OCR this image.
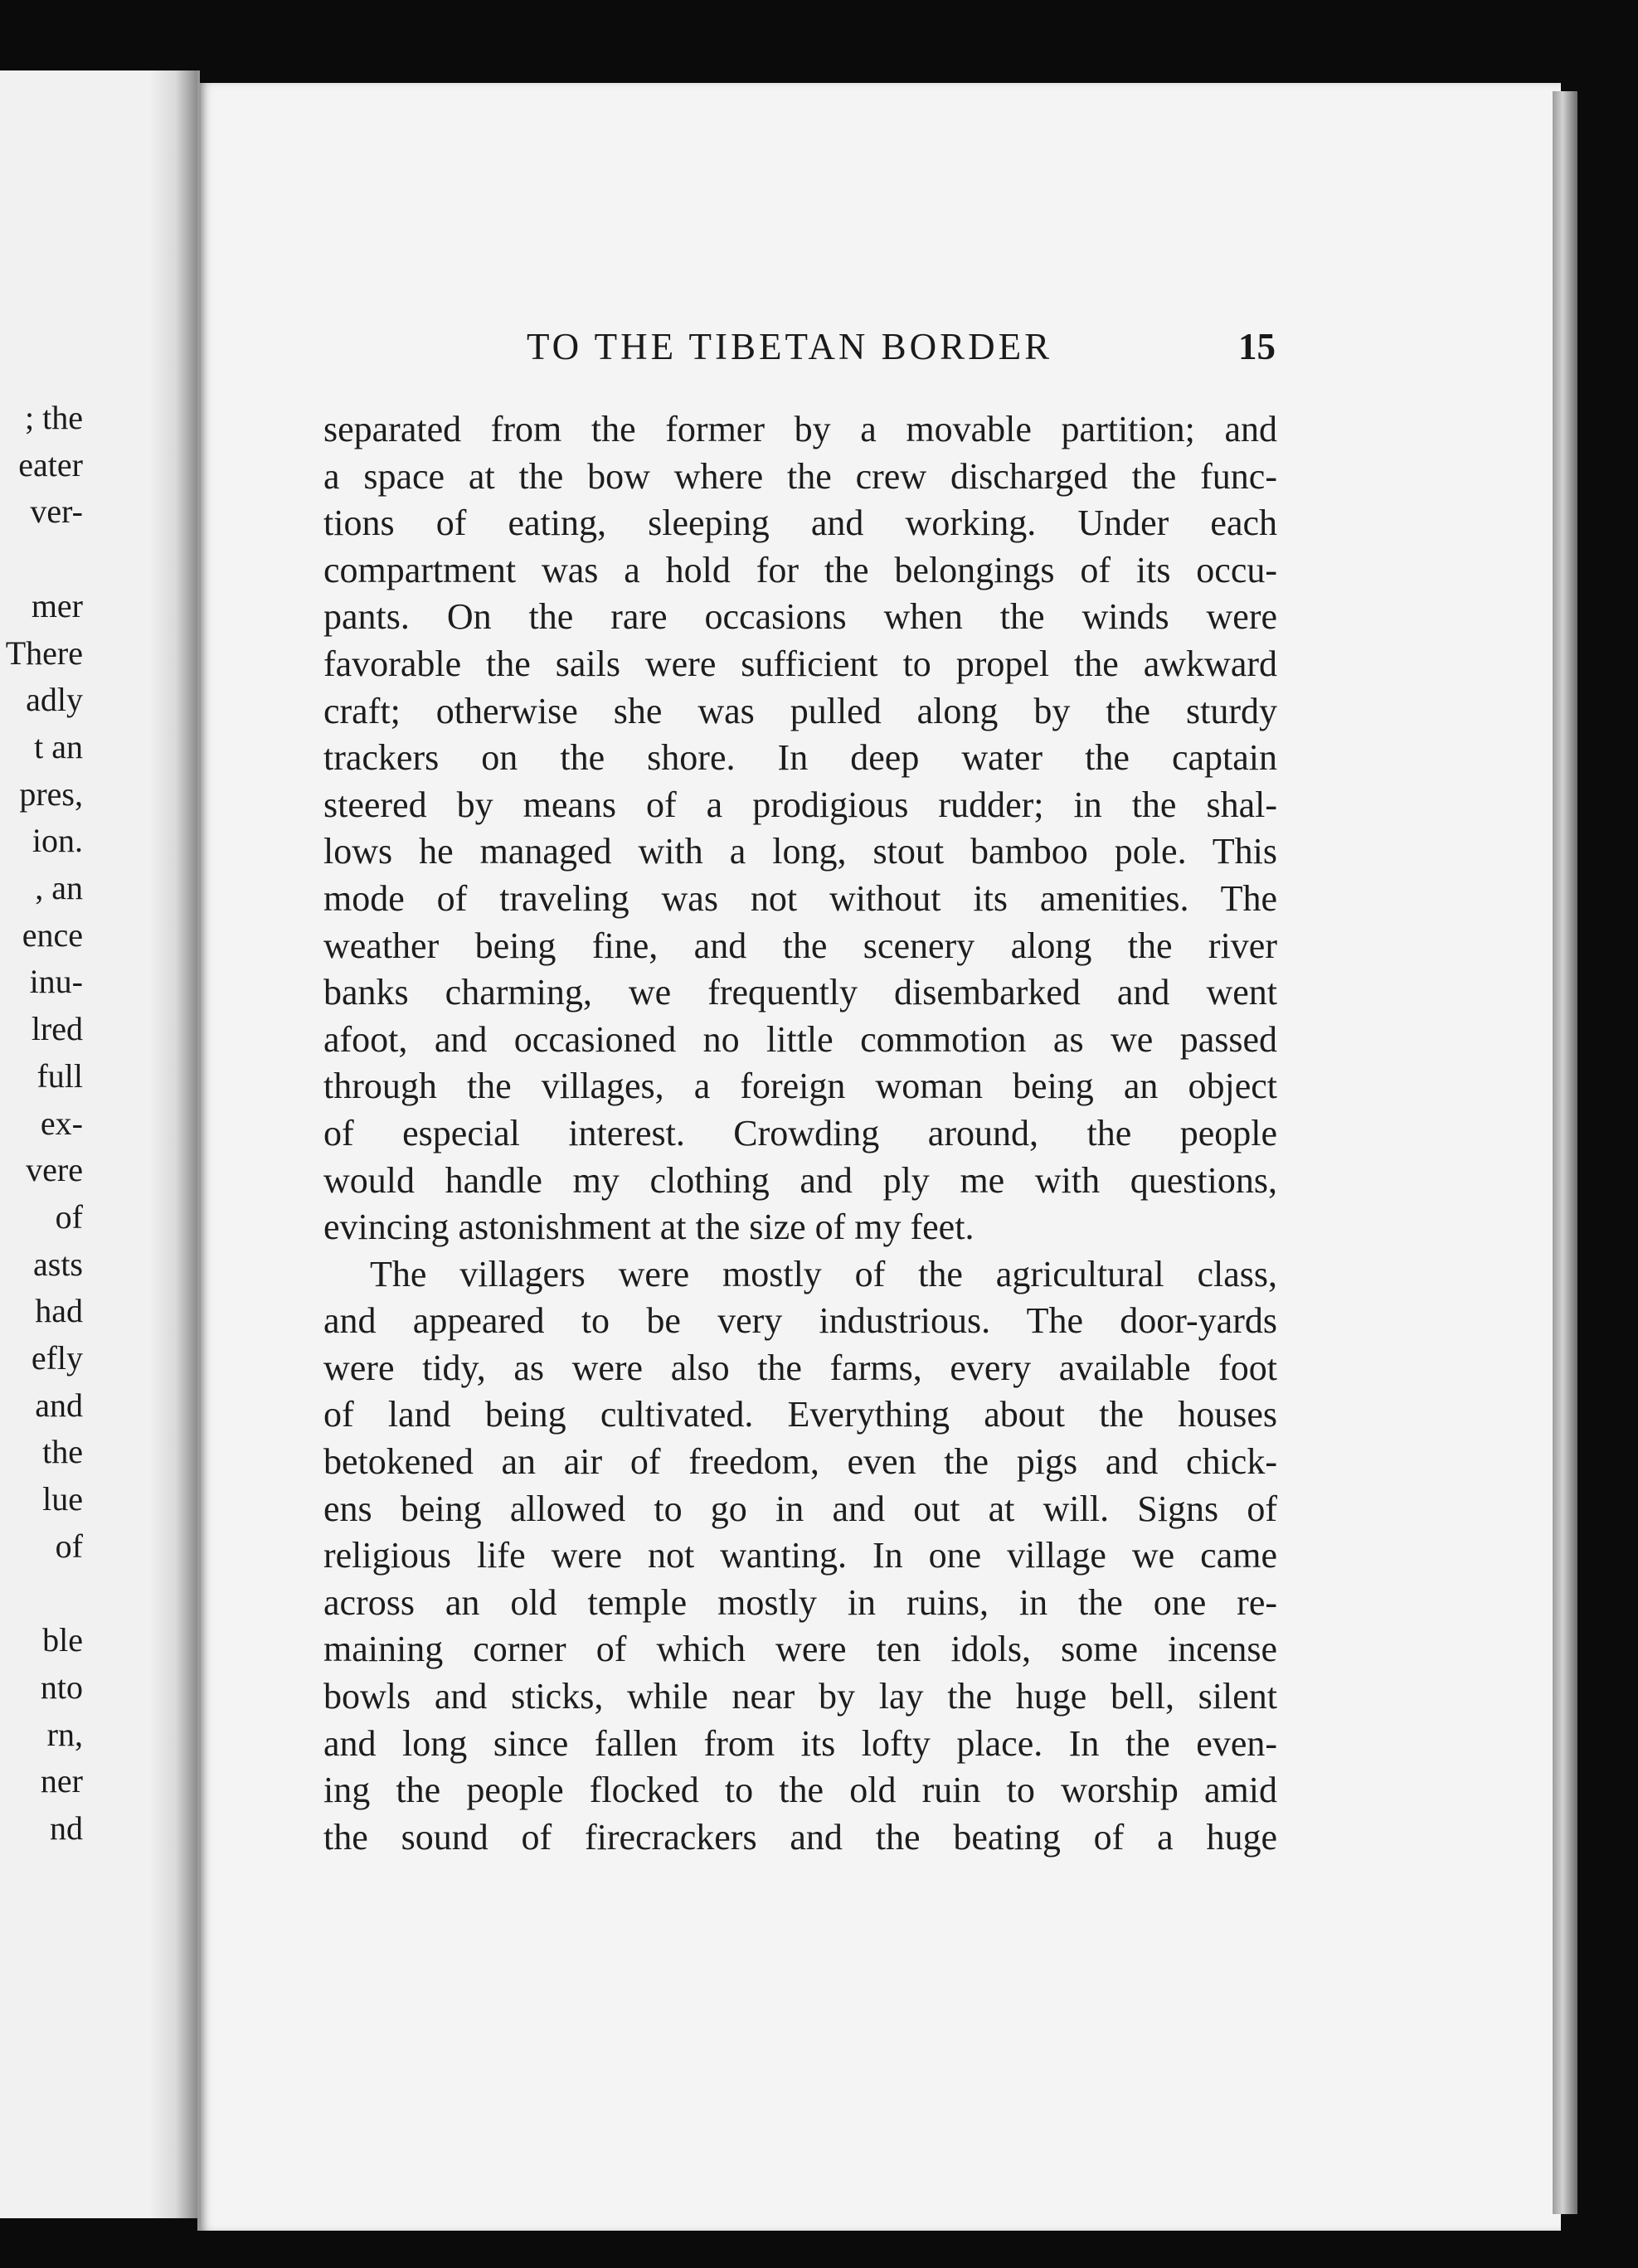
; the
eater
ver-
mer
There
adly
t an
pres,
ion.
, an
ence
inu-
lred
full
ex-
vere
of
asts
had
efly
and
the
lue
of
ble
nto
rn,
ner
nd
TO THE TIBETAN BORDER	15
separated from the former by a movable partition; and
a space at the bow where the crew discharged the func-
tions of eating, sleeping and working. Under each
compartment was a hold for the belongings of its occu-
pants. On the rare occasions when the winds were
favorable the sails were sufficient to propel the awkward
craft; otherwise she was pulled along by the sturdy
trackers on the shore. In deep water the captain
steered by means of a prodigious rudder; in the shal-
lows he managed with a long, stout bamboo pole. This
mode of traveling was not without its amenities. The
weather being fine, and the scenery along the river
banks charming, we frequently disembarked and went
afoot, and occasioned no little commotion as we passed
through the villages, a foreign woman being an object
of especial interest. Crowding around, the people
would handle my clothing and ply me with questions,
evincing astonishment at the size of my feet.
The villagers were mostly of the agricultural class,
and appeared to be very industrious. The door-yards
were tidy, as were also the farms, every available foot
of land being cultivated. Everything about the houses
betokened an air of freedom, even the pigs and chick-
ens being allowed to go in and out at will. Signs of
religious life were not wanting. In one village we came
across an old temple mostly in ruins, in the one re-
maining corner of which were ten idols, some incense
bowls and sticks, while near by lay the huge bell, silent
and long since fallen from its lofty place. In the even-
ing the people flocked to the old ruin to worship amid
the sound of firecrackers and the beating of a huge
